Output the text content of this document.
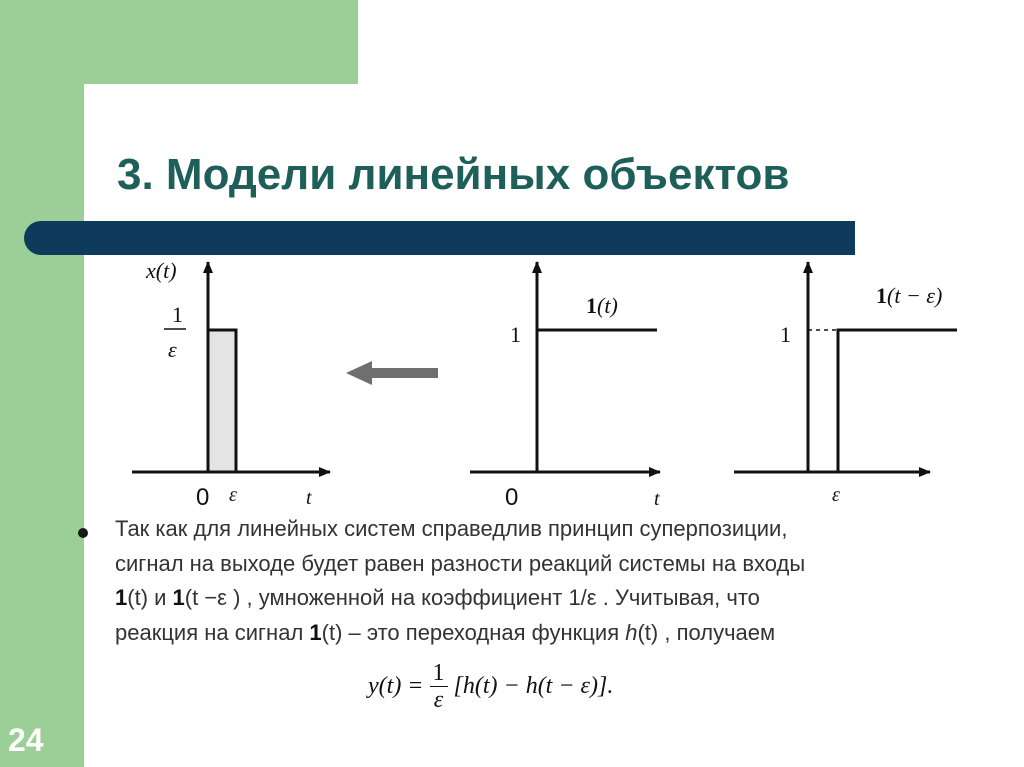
3. Модели линейных объектов
x(t)
1
ε
0 ε	t
1(t)
1
0	t
1(t − ε)
1
ε
Так как для линейных систем справедлив принцип суперпозиции,
сигнал на выходе будет равен разности реакций системы на входы
1(t) и 1(t −ε ) , умноженной на коэффициент 1/ε . Учитывая, что
реакция на сигнал 1(t) – это переходная функция h(t) , получаем
$y(t) = \frac{1}{\varepsilon} [h(t) - h(t - \varepsilon)]$.
24
